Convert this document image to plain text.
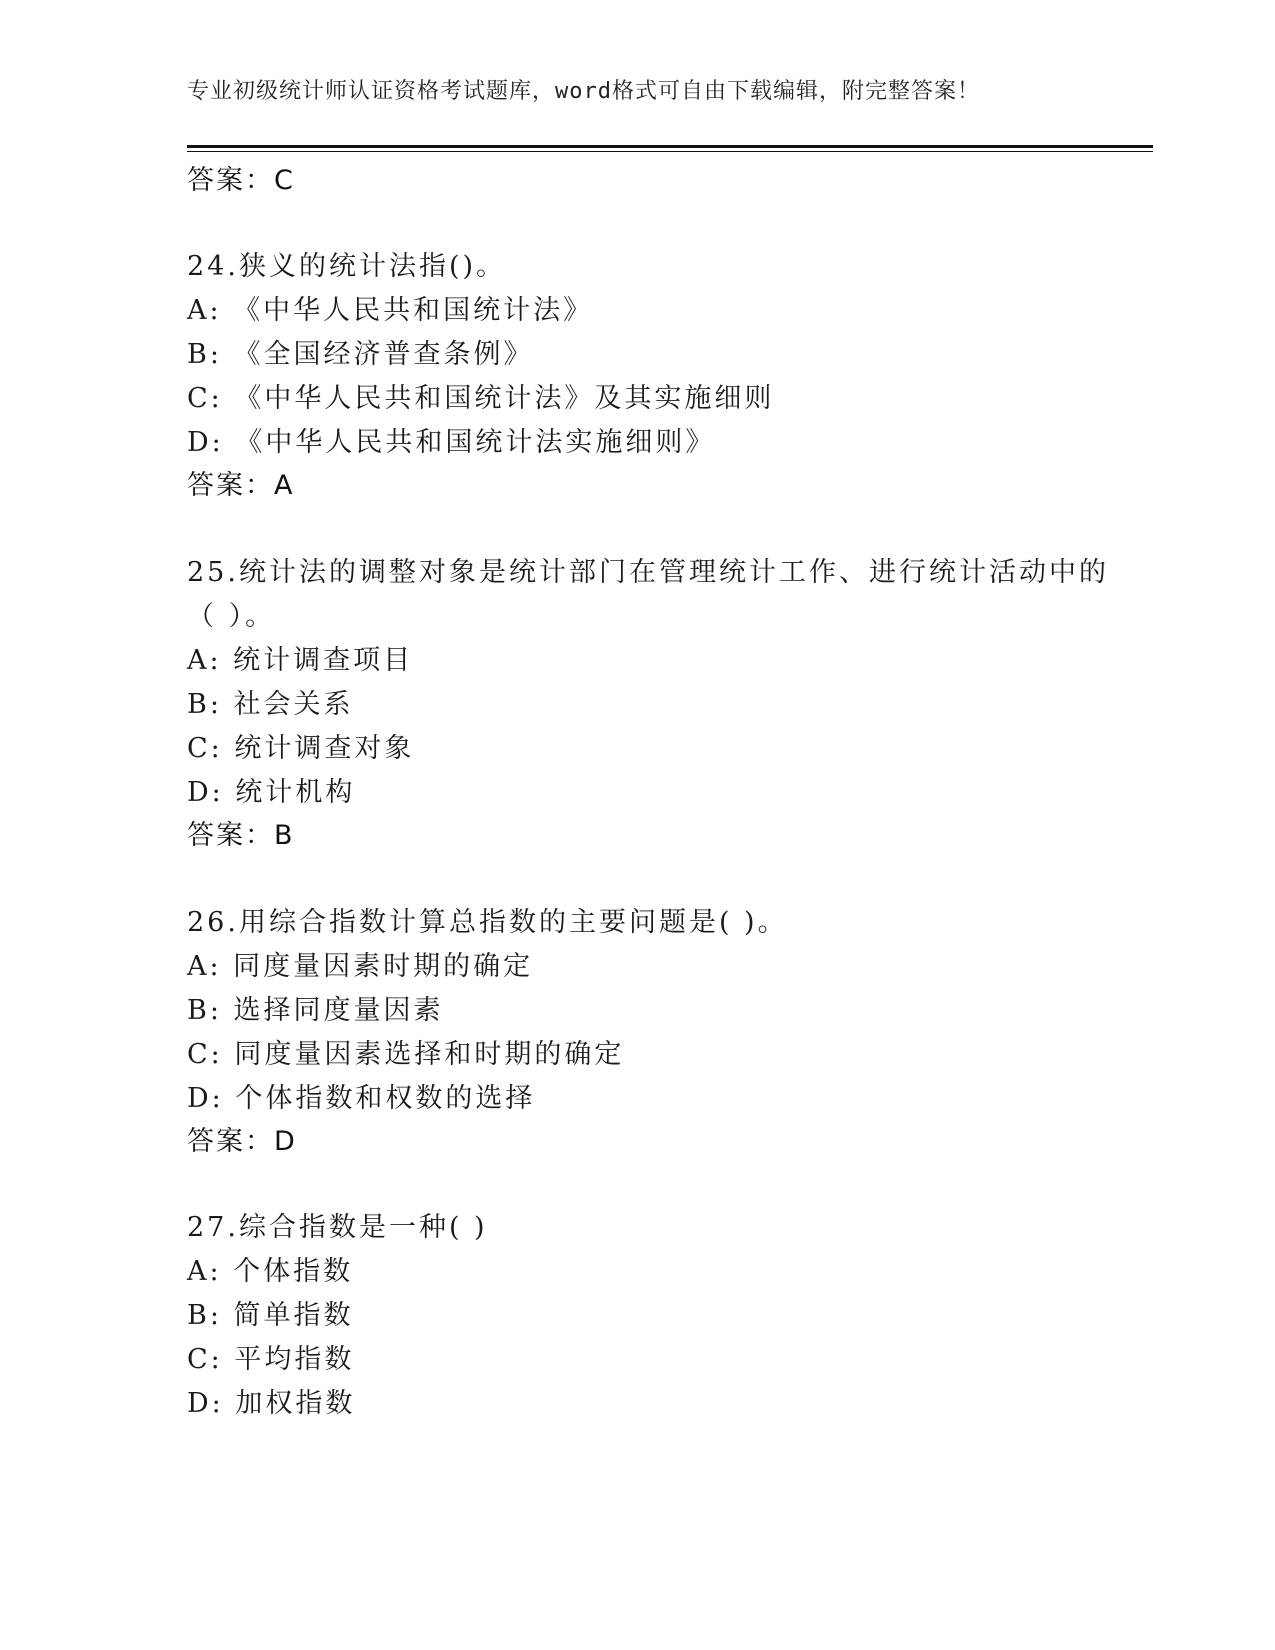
专业初级统计师认证资格考试题库，word格式可自由下载编辑，附完整答案！
答案：C
24.狭义的统计法指()。
A: 《中华人民共和国统计法》
B: 《全国经济普查条例》
C: 《中华人民共和国统计法》及其实施细则
D: 《中华人民共和国统计法实施细则》
答案：A
25.统计法的调整对象是统计部门在管理统计工作、进行统计活动中的
（ ）。
A: 统计调查项目
B: 社会关系
C: 统计调查对象
D: 统计机构
答案：B
26.用综合指数计算总指数的主要问题是( )。
A: 同度量因素时期的确定
B: 选择同度量因素
C: 同度量因素选择和时期的确定
D: 个体指数和权数的选择
答案：D
27.综合指数是一种( )
A: 个体指数
B: 简单指数
C: 平均指数
D: 加权指数
